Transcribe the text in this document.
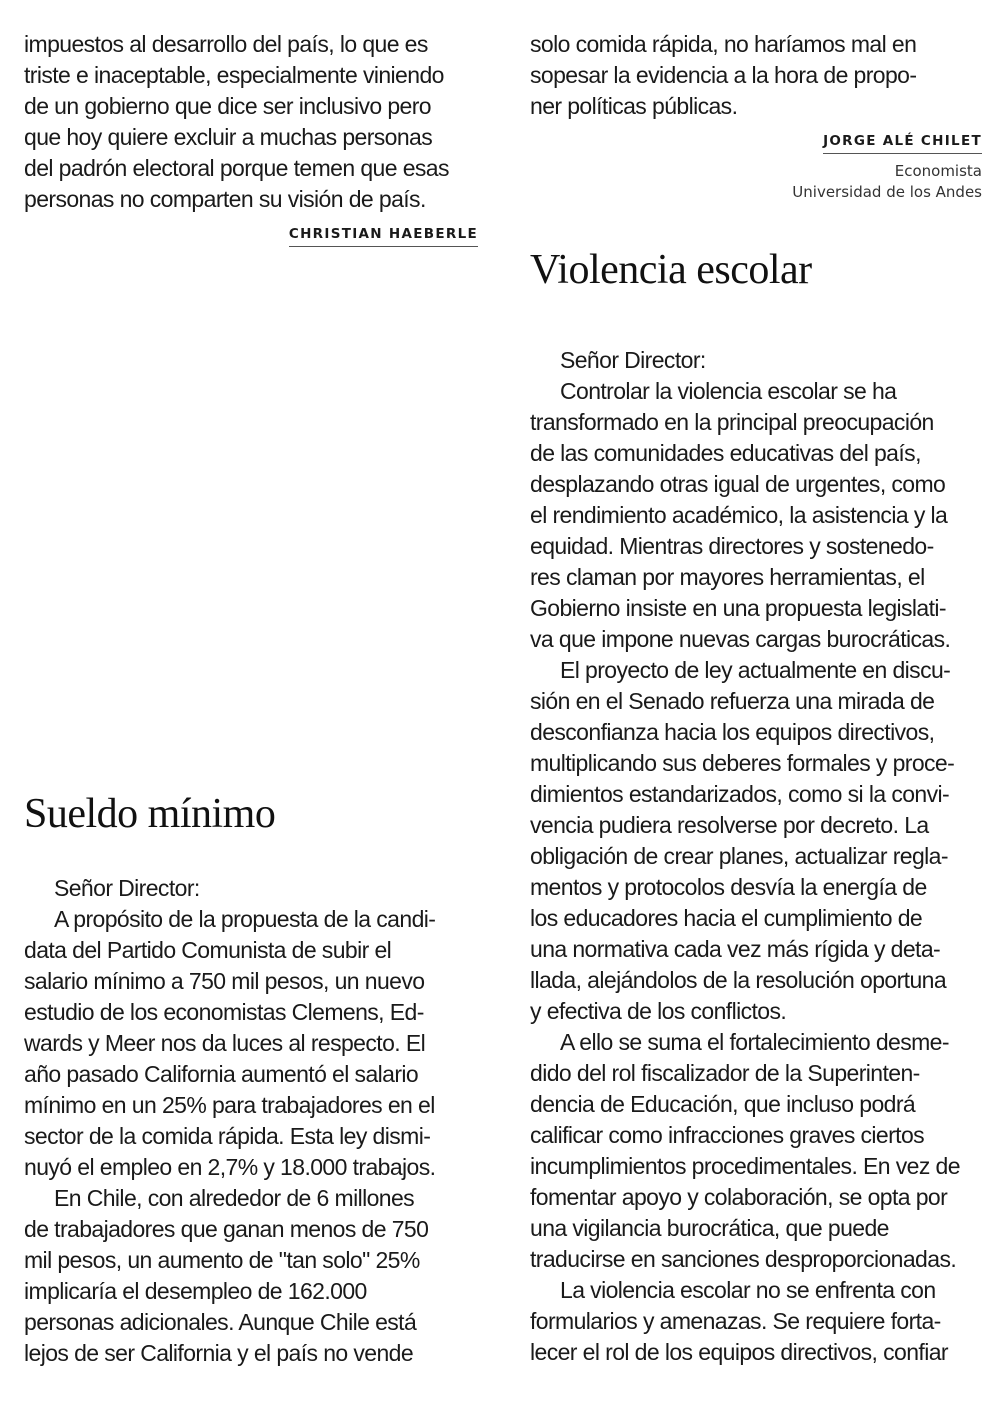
impuestos al desarrollo del país, lo que es
triste e inaceptable, especialmente viniendo
de un gobierno que dice ser inclusivo pero
que hoy quiere excluir a muchas personas
del padrón electoral porque temen que esas
personas no comparten su visión de país.
CHRISTIAN HAEBERLE
Sueldo mínimo
Señor Director:
A propósito de la propuesta de la candi-
data del Partido Comunista de subir el
salario mínimo a 750 mil pesos, un nuevo
estudio de los economistas Clemens, Ed-
wards y Meer nos da luces al respecto. El
año pasado California aumentó el salario
mínimo en un 25% para trabajadores en el
sector de la comida rápida. Esta ley dismi-
nuyó el empleo en 2,7% y 18.000 trabajos.
En Chile, con alrededor de 6 millones
de trabajadores que ganan menos de 750
mil pesos, un aumento de "tan solo" 25%
implicaría el desempleo de 162.000
personas adicionales. Aunque Chile está
lejos de ser California y el país no vende
solo comida rápida, no haríamos mal en
sopesar la evidencia a la hora de propo-
ner políticas públicas.
JORGE ALÉ CHILET
Economista
Universidad de los Andes
Violencia escolar
Señor Director:
Controlar la violencia escolar se ha
transformado en la principal preocupación
de las comunidades educativas del país,
desplazando otras igual de urgentes, como
el rendimiento académico, la asistencia y la
equidad. Mientras directores y sostenedo-
res claman por mayores herramientas, el
Gobierno insiste en una propuesta legislati-
va que impone nuevas cargas burocráticas.
El proyecto de ley actualmente en discu-
sión en el Senado refuerza una mirada de
desconfianza hacia los equipos directivos,
multiplicando sus deberes formales y proce-
dimientos estandarizados, como si la convi-
vencia pudiera resolverse por decreto. La
obligación de crear planes, actualizar regla-
mentos y protocolos desvía la energía de
los educadores hacia el cumplimiento de
una normativa cada vez más rígida y deta-
llada, alejándolos de la resolución oportuna
y efectiva de los conflictos.
A ello se suma el fortalecimiento desme-
dido del rol fiscalizador de la Superinten-
dencia de Educación, que incluso podrá
calificar como infracciones graves ciertos
incumplimientos procedimentales. En vez de
fomentar apoyo y colaboración, se opta por
una vigilancia burocrática, que puede
traducirse en sanciones desproporcionadas.
La violencia escolar no se enfrenta con
formularios y amenazas. Se requiere forta-
lecer el rol de los equipos directivos, confiar
